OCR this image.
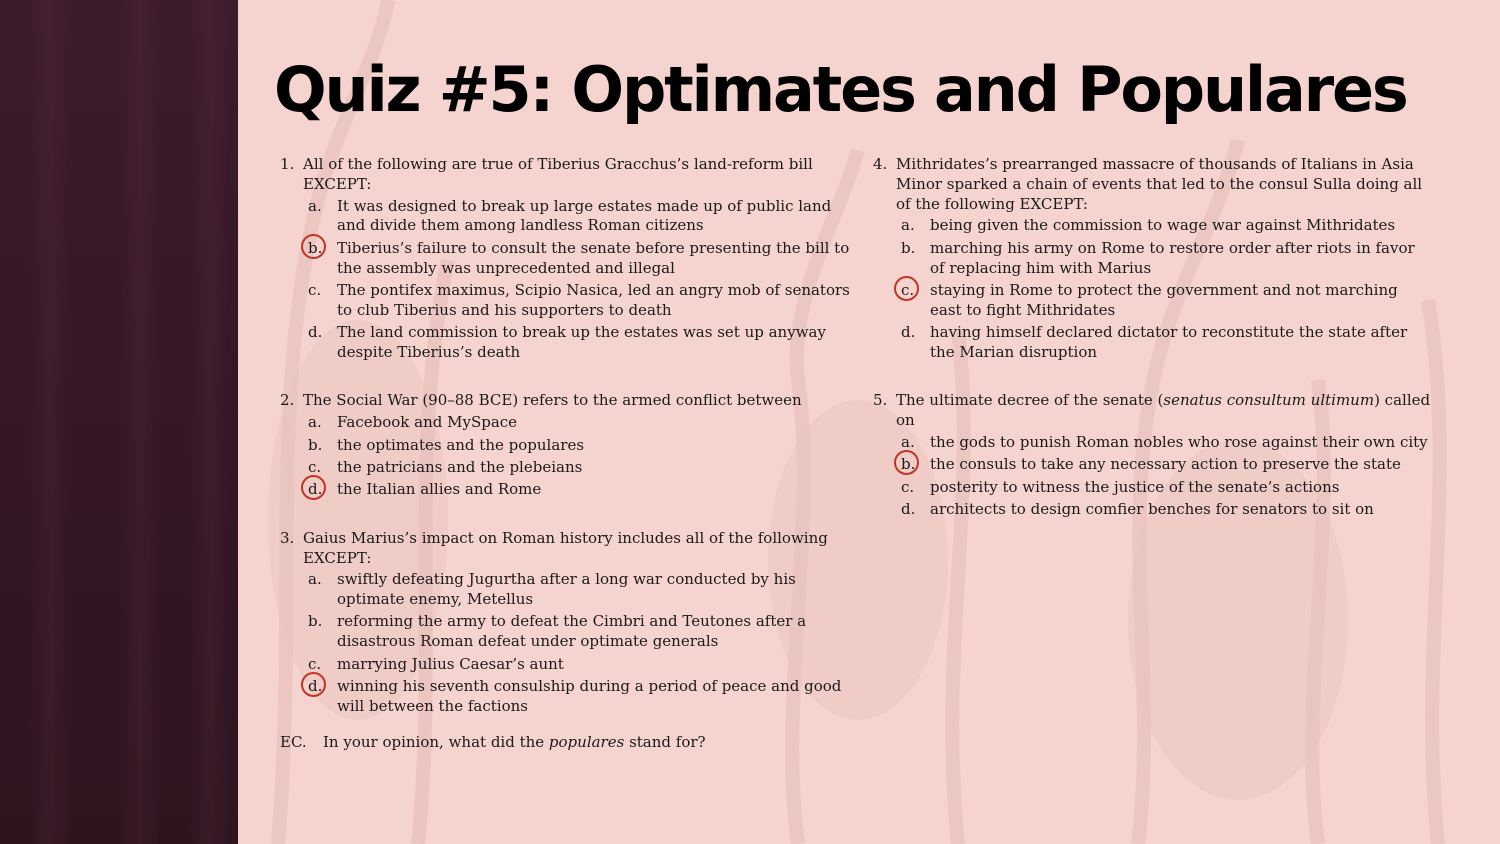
Quiz #5: Optimates and Populares
1. All of the following are true of Tiberius Gracchus’s land-reform bill EXCEPT:
a.	It was designed to break up large estates made up of public land and divide them among landless Roman citizens
b. Tiberius’s failure to consult the senate before presenting the bill to the assembly was unprecedented and illegal
c.	The pontifex maximus, Scipio Nasica, led an angry mob of senators to club Tiberius and his supporters to death
d. The land commission to break up the estates was set up anyway despite Tiberius’s death
2. The Social War (90–88 BCE) refers to the armed conflict between
a.	Facebook and MySpace
b. the optimates and the populares
c.	the patricians and the plebeians
d. the Italian allies and Rome
3. Gaius Marius’s impact on Roman history includes all of the following EXCEPT:
a.	swiftly defeating Jugurtha after a long war conducted by his optimate enemy, Metellus
b. reforming the army to defeat the Cimbri and Teutones after a disastrous Roman defeat under optimate generals
c.	marrying Julius Caesar’s aunt
d. winning his seventh consulship during a period of peace and good will between the factions
EC. In your opinion, what did the populares stand for?
4. Mithridates’s prearranged massacre of thousands of Italians in Asia Minor sparked a chain of events that led to the consul Sulla doing all of the following EXCEPT:
a.	being given the commission to wage war against Mithridates
b. marching his army on Rome to restore order after riots in favor of replacing him with Marius
c.	staying in Rome to protect the government and not marching east to fight Mithridates
d. having himself declared dictator to reconstitute the state after the Marian disruption
5. The ultimate decree of the senate (senatus consultum ultimum) called on
a.	the gods to punish Roman nobles who rose against their own city
b. the consuls to take any necessary action to preserve the state
c.	posterity to witness the justice of the senate’s actions
d. architects to design comfier benches for senators to sit on
